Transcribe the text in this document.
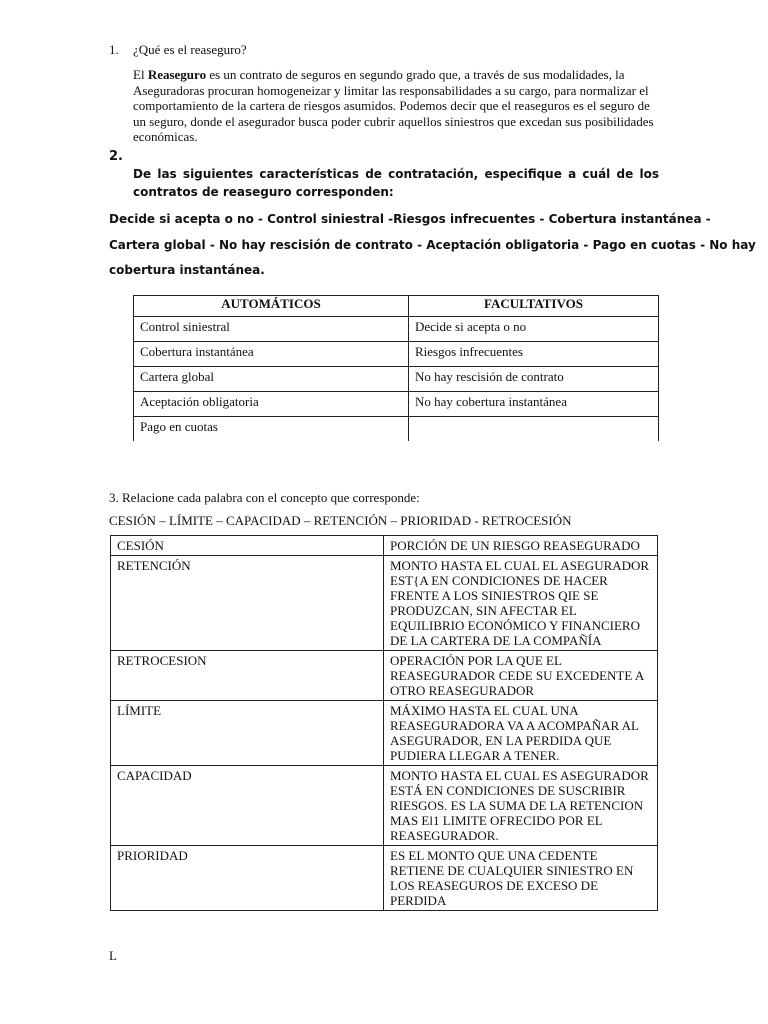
1. ¿Qué es el reaseguro?
El Reaseguro es un contrato de seguros en segundo grado que, a través de sus modalidades, la Aseguradoras procuran homogeneizar y limitar las responsabilidades a su cargo, para normalizar el comportamiento de la cartera de riesgos asumidos. Podemos decir que el reaseguros es el seguro de un seguro, donde el asegurador busca poder cubrir aquellos siniestros que excedan sus posibilidades económicas.
2.
De las siguientes características de contratación, especifique a cuál de los contratos de reaseguro corresponden:
Decide si acepta o no - Control siniestral -Riesgos infrecuentes - Cobertura instantánea -
Cartera global - No hay rescisión de contrato - Aceptación obligatoria - Pago en cuotas - No hay
cobertura instantánea.
AUTOMÁTICOS	FACULTATIVOS
Control siniestral	Decide si acepta o no
Cobertura instantánea	Riesgos infrecuentes
Cartera global	No hay rescisión de contrato
Aceptación obligatoria	No hay cobertura instantánea
Pago en cuotas	
3. Relacione cada palabra con el concepto que corresponde:
CESIÓN – LÍMITE – CAPACIDAD – RETENCIÓN – PRIORIDAD - RETROCESIÓN
CESIÓN	PORCIÓN DE UN RIESGO REASEGURADO
RETENCIÓN	MONTO HASTA EL CUAL EL ASEGURADOR EST{A EN CONDICIONES DE HACER FRENTE A LOS SINIESTROS QIE SE PRODUZCAN, SIN AFECTAR EL EQUILIBRIO ECONÓMICO Y FINANCIERO DE LA CARTERA DE LA COMPAÑÍA
RETROCESION	OPERACIÓN POR LA QUE EL REASEGURADOR CEDE SU EXCEDENTE A OTRO REASEGURADOR
LÍMITE	MÁXIMO HASTA EL CUAL UNA REASEGURADORA VA A ACOMPAÑAR AL ASEGURADOR, EN LA PERDIDA QUE PUDIERA LLEGAR A TENER.
CAPACIDAD	MONTO HASTA EL CUAL ES ASEGURADOR ESTÁ EN CONDICIONES DE SUSCRIBIR RIESGOS. ES LA SUMA DE LA RETENCION MAS El1 LIMITE OFRECIDO POR EL REASEGURADOR.
PRIORIDAD	ES EL MONTO QUE UNA CEDENTE RETIENE DE CUALQUIER SINIESTRO EN LOS REASEGUROS DE EXCESO DE PERDIDA
L
